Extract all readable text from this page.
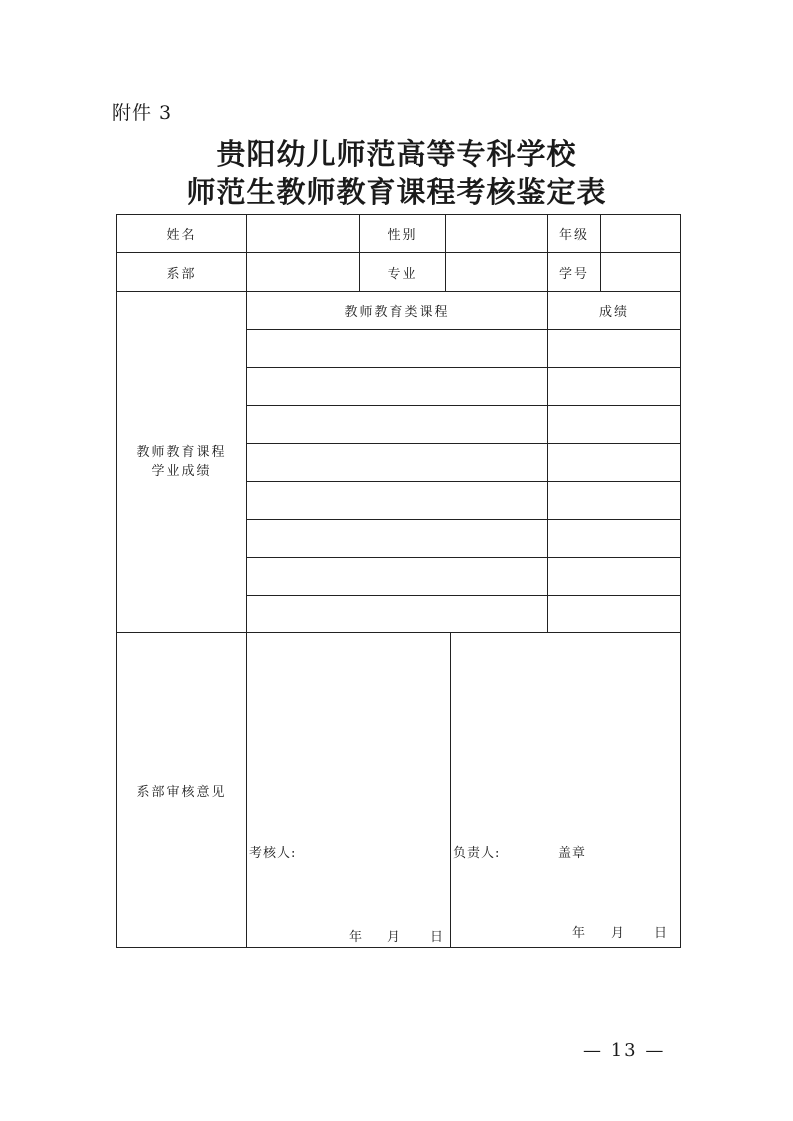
附件 3
贵阳幼儿师范高等专科学校
师范生教师教育课程考核鉴定表
姓名	性别	年级
系部	专业	学号
教师教育课程
学业成绩
教师教育类课程	成绩
系部审核意见
考核人:
年 月 日
负责人:	盖章
年 月 日
— 13 —
